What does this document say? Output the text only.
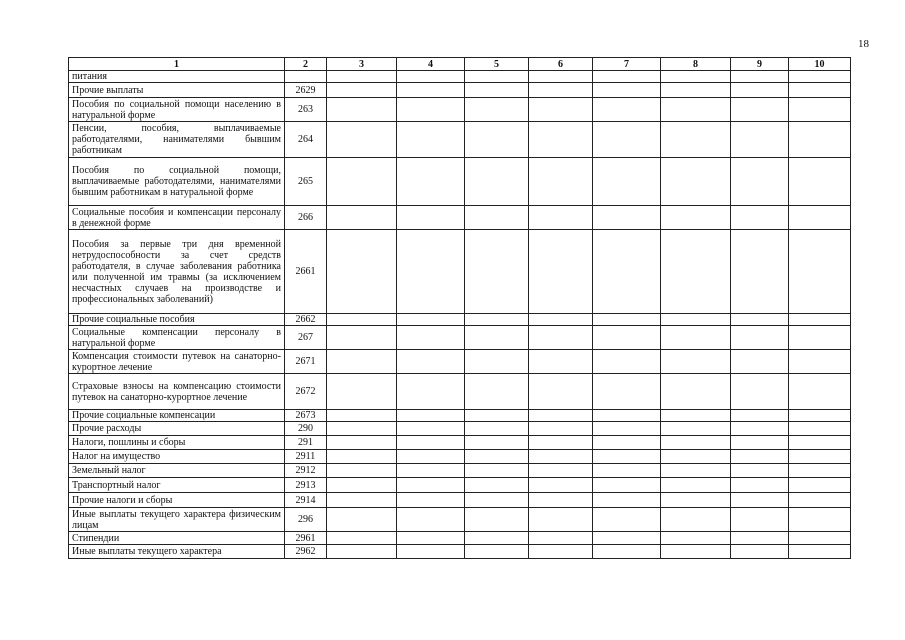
18
1	2	3	4	5	6	7	8	9	10
питания									
Прочие выплаты	2629								
Пособия по социальной помощи населению в натуральной форме	263								
Пенсии, пособия, выплачиваемые работодателями, нанимателями бывшим работникам	264								
Пособия по социальной помощи, выплачиваемые работодателями, нанимателями бывшим работникам в натуральной форме	265								
Социальные пособия и компенсации персоналу в денежной форме	266								
Пособия за первые три дня временной нетрудоспособности за счет средств работодателя, в случае заболевания работника или полученной им травмы (за исключением несчастных случаев на производстве и профессиональных заболеваний)	2661								
Прочие социальные пособия	2662								
Социальные компенсации персоналу в натуральной форме	267								
Компенсация стоимости путевок на санаторно-курортное лечение	2671								
Страховые взносы на компенсацию стоимости путевок на санаторно-курортное лечение	2672								
Прочие социальные компенсации	2673								
Прочие расходы	290								
Налоги, пошлины и сборы	291								
Налог на имущество	2911								
Земельный налог	2912								
Транспортный налог	2913								
Прочие налоги и сборы	2914								
Иные выплаты текущего характера физическим лицам	296								
Стипендии	2961								
Иные выплаты текущего характера	2962								
